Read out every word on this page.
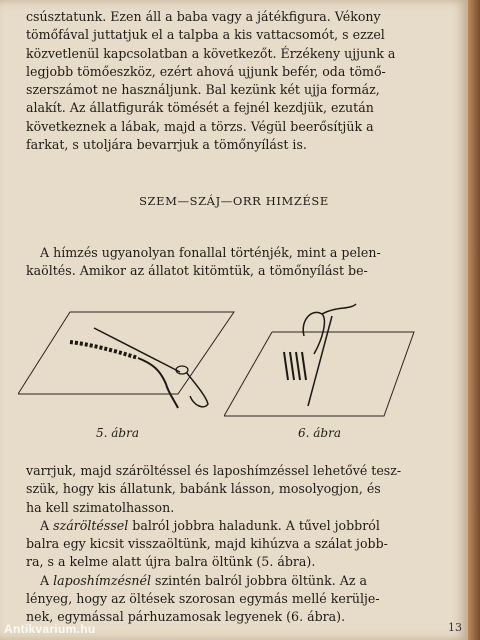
csúsztatunk. Ezen áll a baba vagy a játékfigura. Vékony

tömőfával juttatjuk el a talpba a kis vattacsomót, s ezzel

közvetlenül kapcsolatban a következőt. Érzékeny ujjunk a

legjobb tömőeszköz, ezért ahová ujjunk befér, oda tömő-

szerszámot ne használjunk. Bal kezünk két ujja formáz,

alakít. Az állatfigurák tömését a fejnél kezdjük, ezután

következnek a lábak, majd a törzs. Végül beerősítjük a

farkat, s utoljára bevarrjuk a tömőnyílást is.

SZEM—SZÁJ—ORR HIMZÉSE

A hímzés ugyanolyan fonallal történjék, mint a pelen-

kaöltés. Amikor az állatot kitömtük, a tömőnyílást be-

5. ábra	6. ábra

varrjuk, majd száröltéssel és laposhímzéssel lehetővé tesz-

szük, hogy kis állatunk, babánk lásson, mosolyogjon, és

ha kell szimatolhasson.

A száröltéssel balról jobbra haladunk. A tűvel jobbról

balra egy kicsit visszaöltünk, majd kihúzva a szálat jobb-

ra, s a kelme alatt újra balra öltünk (5. ábra).

A laposhímzésnél szintén balról jobbra öltünk. Az a

lényeg, hogy az öltések szorosan egymás mellé kerülje-

nek, egymással párhuzamosak legyenek (6. ábra).

13
Antikvarium.hu
